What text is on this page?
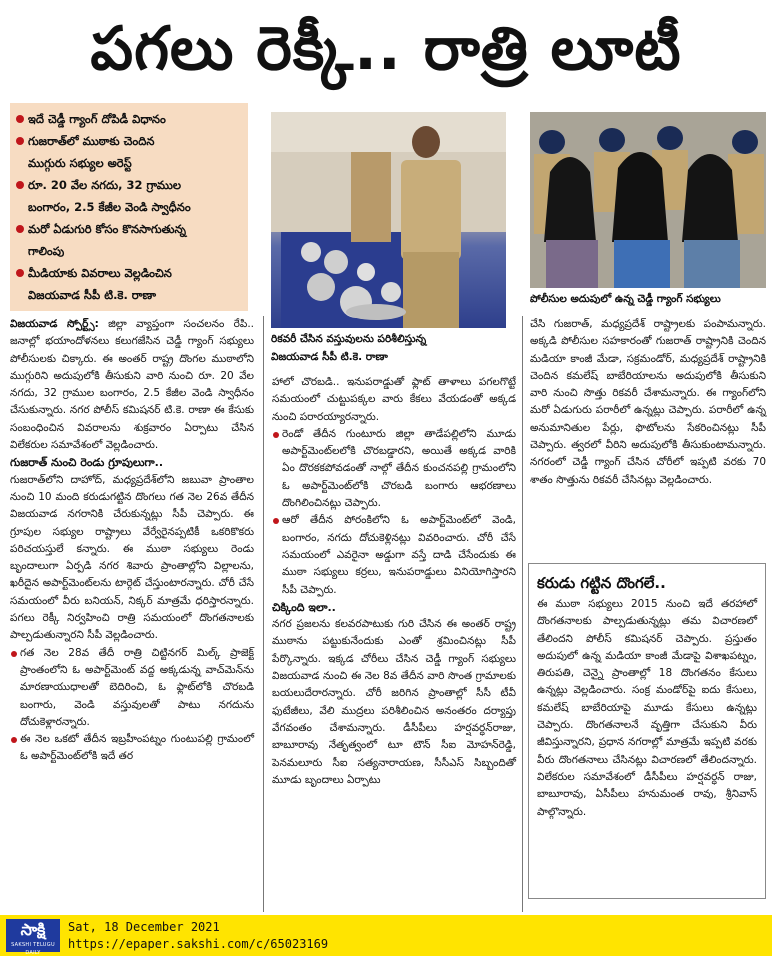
పగలు రెక్కీ.. రాత్రి లూటీ
ఇదే చెడ్డీ గ్యాంగ్‌ దోపిడీ విధానం
గుజరాత్‌లో ముఠాకు చెందిన
ముగ్గురు సభ్యుల అరెస్ట్‌
రూ. 20 వేల నగదు, 32 గ్రాముల
బంగారం, 2.5 కేజీల వెండి స్వాధీనం
మరో ఏడుగురి కోసం కొనసాగుతున్న
గాలింపు
మీడియాకు వివరాలు వెల్లడించిన
విజయవాడ సీపీ టి.కె. రాణా
రికవరీ చేసిన వస్తువులను పరిశీలిస్తున్న
విజయవాడ సీపీ టి.కె. రాణా
పోలీసుల అదుపులో ఉన్న చెడ్డీ గ్యాంగ్‌ సభ్యులు

విజయవాడ స్పోర్ట్స్‌: జిల్లా వ్యాప్తంగా సంచలనం రేపి.. జనాల్లో భయాందోళనలు కలుగజేసిన చెడ్డీ గ్యాంగ్‌ సభ్యులు పోలీసులకు చిక్కారు. ఈ అంతర్‌ రాష్ట్ర దొంగల ముఠాలోని ముగ్గురిని అదుపులోకి తీసుకుని వారి నుంచి రూ. 20 వేల నగదు, 32 గ్రాముల బంగారం, 2.5 కేజీల వెండి స్వాధీనం చేసుకున్నారు. నగర పోలీస్‌ కమిషనర్‌ టి.కె. రాణా ఈ కేసుకు సంబంధించిన వివరాలను శుక్రవారం ఏర్పాటు చేసిన విలేకరుల సమావేశంలో వెల్లడించారు.

గుజరాత్‌ నుంచి రెండు గ్రూపులుగా..

గుజరాత్‌లోని దాహోద్‌, మధ్యప్రదేశ్‌లోని జబువా ప్రాంతాల నుంచి 10 మంది కరుడుగట్టిన దొంగలు గత నెల 26వ తేదీన విజయవాడ నగరానికి చేరుకున్నట్లు సీపీ చెప్పారు. ఈ గ్రూపుల సభ్యుల రాష్ట్రాలు వేర్వేరైనప్పటికీ ఒకరికొకరు పరిచయస్తులే కన్నారు. ఈ ముఠా సభ్యులు రెండు బృందాలుగా ఏర్పడి నగర శివారు ప్రాంతాల్లోని విల్లాలను, ఖరీదైన అపార్ట్‌మెంట్‌లను టార్గెట్‌ చేస్తుంటారన్నారు. చోరీ చేసే సమయంలో వీరు బనియన్‌, నిక్కర్‌ మాత్రమే ధరిస్తారన్నారు. పగలు రెక్కీ నిర్వహించి రాత్రి సమయంలో దొంగతనాలకు పాల్పడుతున్నారని సీపీ వెల్లడించారు.

గత నెల 28వ తేదీ రాత్రి చిట్టినగర్‌ మిల్క్‌ ప్రాజెక్ట్‌ ప్రాంతంలోని ఓ అపార్ట్‌మెంట్‌ వద్ద అక్కడున్న వాచ్‌మెన్‌ను మారణాయుధాలతో బెదిరించి, ఓ ఫ్లాట్‌లోకి చొరబడి బంగారు, వెండి వస్తువులతో పాటు నగదును దోచుకెళ్లారన్నారు.

ఈ నెల ఒకటో తేదీన ఇబ్రహీంపట్నం గుంటుపల్లి గ్రామంలో ఓ అపార్ట్‌మెంట్‌లోకి ఇదే తర

హాలో చొరబడి.. ఇనుపరాడ్డుతో ఫ్లాట్‌ తాళాలు పగలగొట్టే సమయంలో చుట్టుపక్కల వారు కేకలు వేయడంతో అక్కడ నుంచి పరారయ్యారన్నారు.

రెండో తేదీన గుంటూరు జిల్లా తాడేపల్లిలోని మూడు అపార్ట్‌మెంట్‌లలోకి చొరబడ్డారని, అయితే అక్కడ వారికి ఏం దొరకకపోవడంతో నాల్గో తేదీన కుంచనపల్లి గ్రామంలోని ఓ అపార్ట్‌మెంట్‌లోకి చొరబడి బంగారు ఆభరణాలు దొంగిలించినట్లు చెప్పారు.

ఆరో తేదీన పోరంకిలోని ఓ అపార్ట్‌మెంట్‌లో వెండి, బంగారం, నగదు దోచుకెళ్లినట్లు వివరించారు. చోరీ చేసే సమయంలో ఎవరైనా అడ్డుగా వస్తే దాడి చేసేందుకు ఈ ముఠా సభ్యులు కర్రలు, ఇనుపరాడ్డులు వినియోగిస్తారని సీపీ చెప్పారు.

చిక్కింది ఇలా..

నగర ప్రజలను కలవరపాటుకు గురి చేసిన ఈ అంతర్‌ రాష్ట్ర ముఠాను పట్టుకునేందుకు ఎంతో శ్రమించినట్లు సీపీ పేర్కొన్నారు. ఇక్కడ చోరీలు చేసిన చెడ్డీ గ్యాంగ్‌ సభ్యులు విజయవాడ నుంచి ఈ నెల 8వ తేదీన వారి సొంత గ్రామాలకు బయలుదేరారన్నారు. చోరీ జరిగిన ప్రాంతాల్లో సీసీ టీవీ ఫుటేజీలు, వేలి ముద్రలు పరిశీలించిన అనంతరం దర్యాప్తు వేగవంతం చేశామన్నారు. డీసీపీలు హర్షవర్ధన్‌రాజు, బాబూరావు నేతృత్వంలో టూ టౌన్‌ సీఐ మోహన్‌రెడ్డి, పెనమలూరు సీఐ సత్యనారాయణ, సీసీఎస్‌ సిబ్బందితో మూడు బృందాలు ఏర్పాటు

చేసి గుజరాత్‌, మధ్యప్రదేశ్‌ రాష్ట్రాలకు పంపామన్నారు. అక్కడి పోలీసుల సహకారంతో గుజరాత్‌ రాష్ట్రానికి చెందిన మడియా కాంజీ మేడా, సక్రమండోర్‌, మధ్యప్రదేశ్‌ రాష్ట్రానికి చెందిన కమలేష్‌ బాబేరియాలను అదుపులోకి తీసుకుని వారి నుంచి సొత్తు రికవరీ చేశామన్నారు. ఈ గ్యాంగ్‌లోని మరో ఏడుగురు పరారీలో ఉన్నట్లు చెప్పారు. పరారీలో ఉన్న అనుమానితుల పేర్లు, ఫొటోలను సేకరించినట్లు సీపీ చెప్పారు. త్వరలో వీరిని అదుపులోకి తీసుకుంటామన్నారు. నగరంలో చెడ్డీ గ్యాంగ్‌ చేసిన చోరీలో ఇప్పటి వరకు 70 శాతం సొత్తును రికవరీ చేసినట్లు వెల్లడించారు.

కరుడు గట్టిన దొంగలే..
ఈ ముఠా సభ్యులు 2015 నుంచి ఇదే తరహాలో దొంగతనాలకు పాల్పడుతున్నట్లు తమ విచారణలో తేలిందని పోలీస్‌ కమిషనర్‌ చెప్పారు. ప్రస్తుతం అదుపులో ఉన్న మడియా కాంజీ మేడాపై విశాఖపట్నం, తిరుపతి, చెన్నై ప్రాంతాల్లో 18 దొంగతనం కేసులు ఉన్నట్లు వెల్లడించారు. సంక్ర మండోర్‌పై ఐదు కేసులు, కమలేష్‌ బాబేరియాపై మూడు కేసులు ఉన్నట్లు చెప్పారు. దొంగతనాలనే వృత్తిగా చేసుకుని వీరు జీవిస్తున్నారని, ప్రధాన నగరాల్లో మాత్రమే ఇప్పటి వరకు వీరు దొంగతనాలు చేసినట్లు విచారణలో తేలిందన్నారు. విలేకరుల సమావేశంలో డీసీపీలు హర్షవర్ధన్‌ రాజు, బాబూరావు, ఏసీపీలు హనుమంత రావు, శ్రీనివాస్‌ పాల్గొన్నారు.
సాక్షి
SAKSHI TELUGU DAILY
Sat, 18 December 2021
https://epaper.sakshi.com/c/65023169
